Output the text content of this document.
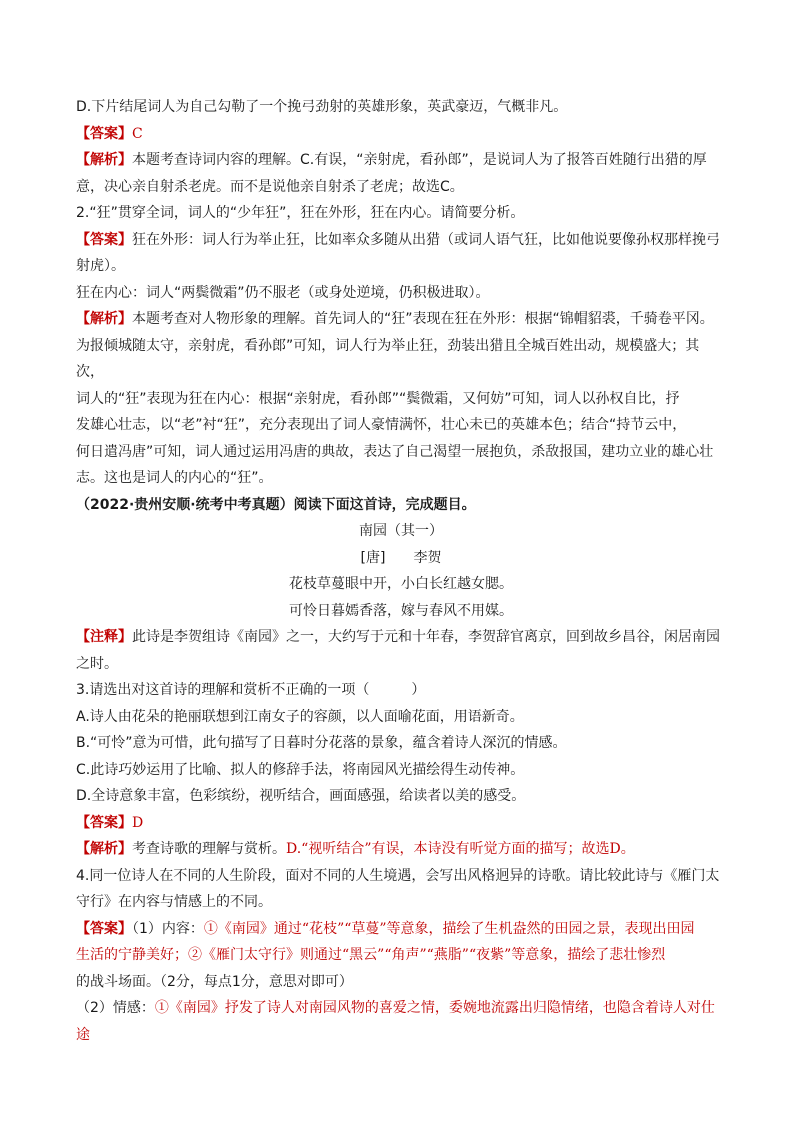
D.下片结尾词人为自己勾勒了一个挽弓劲射的英雄形象，英武豪迈，气概非凡。

【答案】C

【解析】本题考查诗词内容的理解。C.有误，“亲射虎，看孙郎”，是说词人为了报答百姓随行出猎的厚

意，决心亲自射杀老虎。而不是说他亲自射杀了老虎；故选C。

2.“狂”贯穿全词，词人的“少年狂”，狂在外形，狂在内心。请简要分析。

【答案】狂在外形：词人行为举止狂，比如率众多随从出猎（或词人语气狂，比如他说要像孙权那样挽弓

射虎）。

狂在内心：词人“两鬓微霜”仍不服老（或身处逆境，仍积极进取）。

【解析】本题考查对人物形象的理解。首先词人的“狂”表现在狂在外形：根据“锦帽貂裘，千骑卷平冈。

为报倾城随太守，亲射虎，看孙郎”可知，词人行为举止狂，劲装出猎且全城百姓出动，规模盛大；其次，

词人的“狂”表现为狂在内心：根据“亲射虎，看孙郎”“鬓微霜，又何妨”可知，词人以孙权自比，抒

发雄心壮志，以“老”衬“狂”，充分表现出了词人豪情满怀，壮心未已的英雄本色；结合“持节云中，

何日遣冯唐”可知，词人通过运用冯唐的典故，表达了自己渴望一展抱负，杀敌报国，建功立业的雄心壮

志。这也是词人的内心的“狂”。

（2022·贵州安顺·统考中考真题）阅读下面这首诗，完成题目。

南园（其一）

[唐] 李贺

花枝草蔓眼中开，小白长红越女腮。

可怜日暮嫣香落，嫁与春风不用媒。

【注释】此诗是李贺组诗《南园》之一，大约写于元和十年春，李贺辞官离京，回到故乡昌谷，闲居南园

之时。

3.请选出对这首诗的理解和赏析不正确的一项（　　　）

A.诗人由花朵的艳丽联想到江南女子的容颜，以人面喻花面，用语新奇。

B.“可怜”意为可惜，此句描写了日暮时分花落的景象，蕴含着诗人深沉的情感。

C.此诗巧妙运用了比喻、拟人的修辞手法，将南园风光描绘得生动传神。

D.全诗意象丰富，色彩缤纷，视听结合，画面感强，给读者以美的感受。

【答案】D

【解析】考查诗歌的理解与赏析。D.“视听结合”有误，本诗没有听觉方面的描写；故选D。

4.同一位诗人在不同的人生阶段，面对不同的人生境遇，会写出风格迥异的诗歌。请比较此诗与《雁门太

守行》在内容与情感上的不同。

【答案】（1）内容：①《南园》通过“花枝”“草蔓”等意象，描绘了生机盎然的田园之景，表现出田园

生活的宁静美好；②《雁门太守行》则通过“黑云”“角声”“燕脂”“夜紫”等意象，描绘了悲壮惨烈

的战斗场面。（2分，每点1分，意思对即可）

（2）情感：①《南园》抒发了诗人对南园风物的喜爱之情，委婉地流露出归隐情绪，也隐含着诗人对仕途
